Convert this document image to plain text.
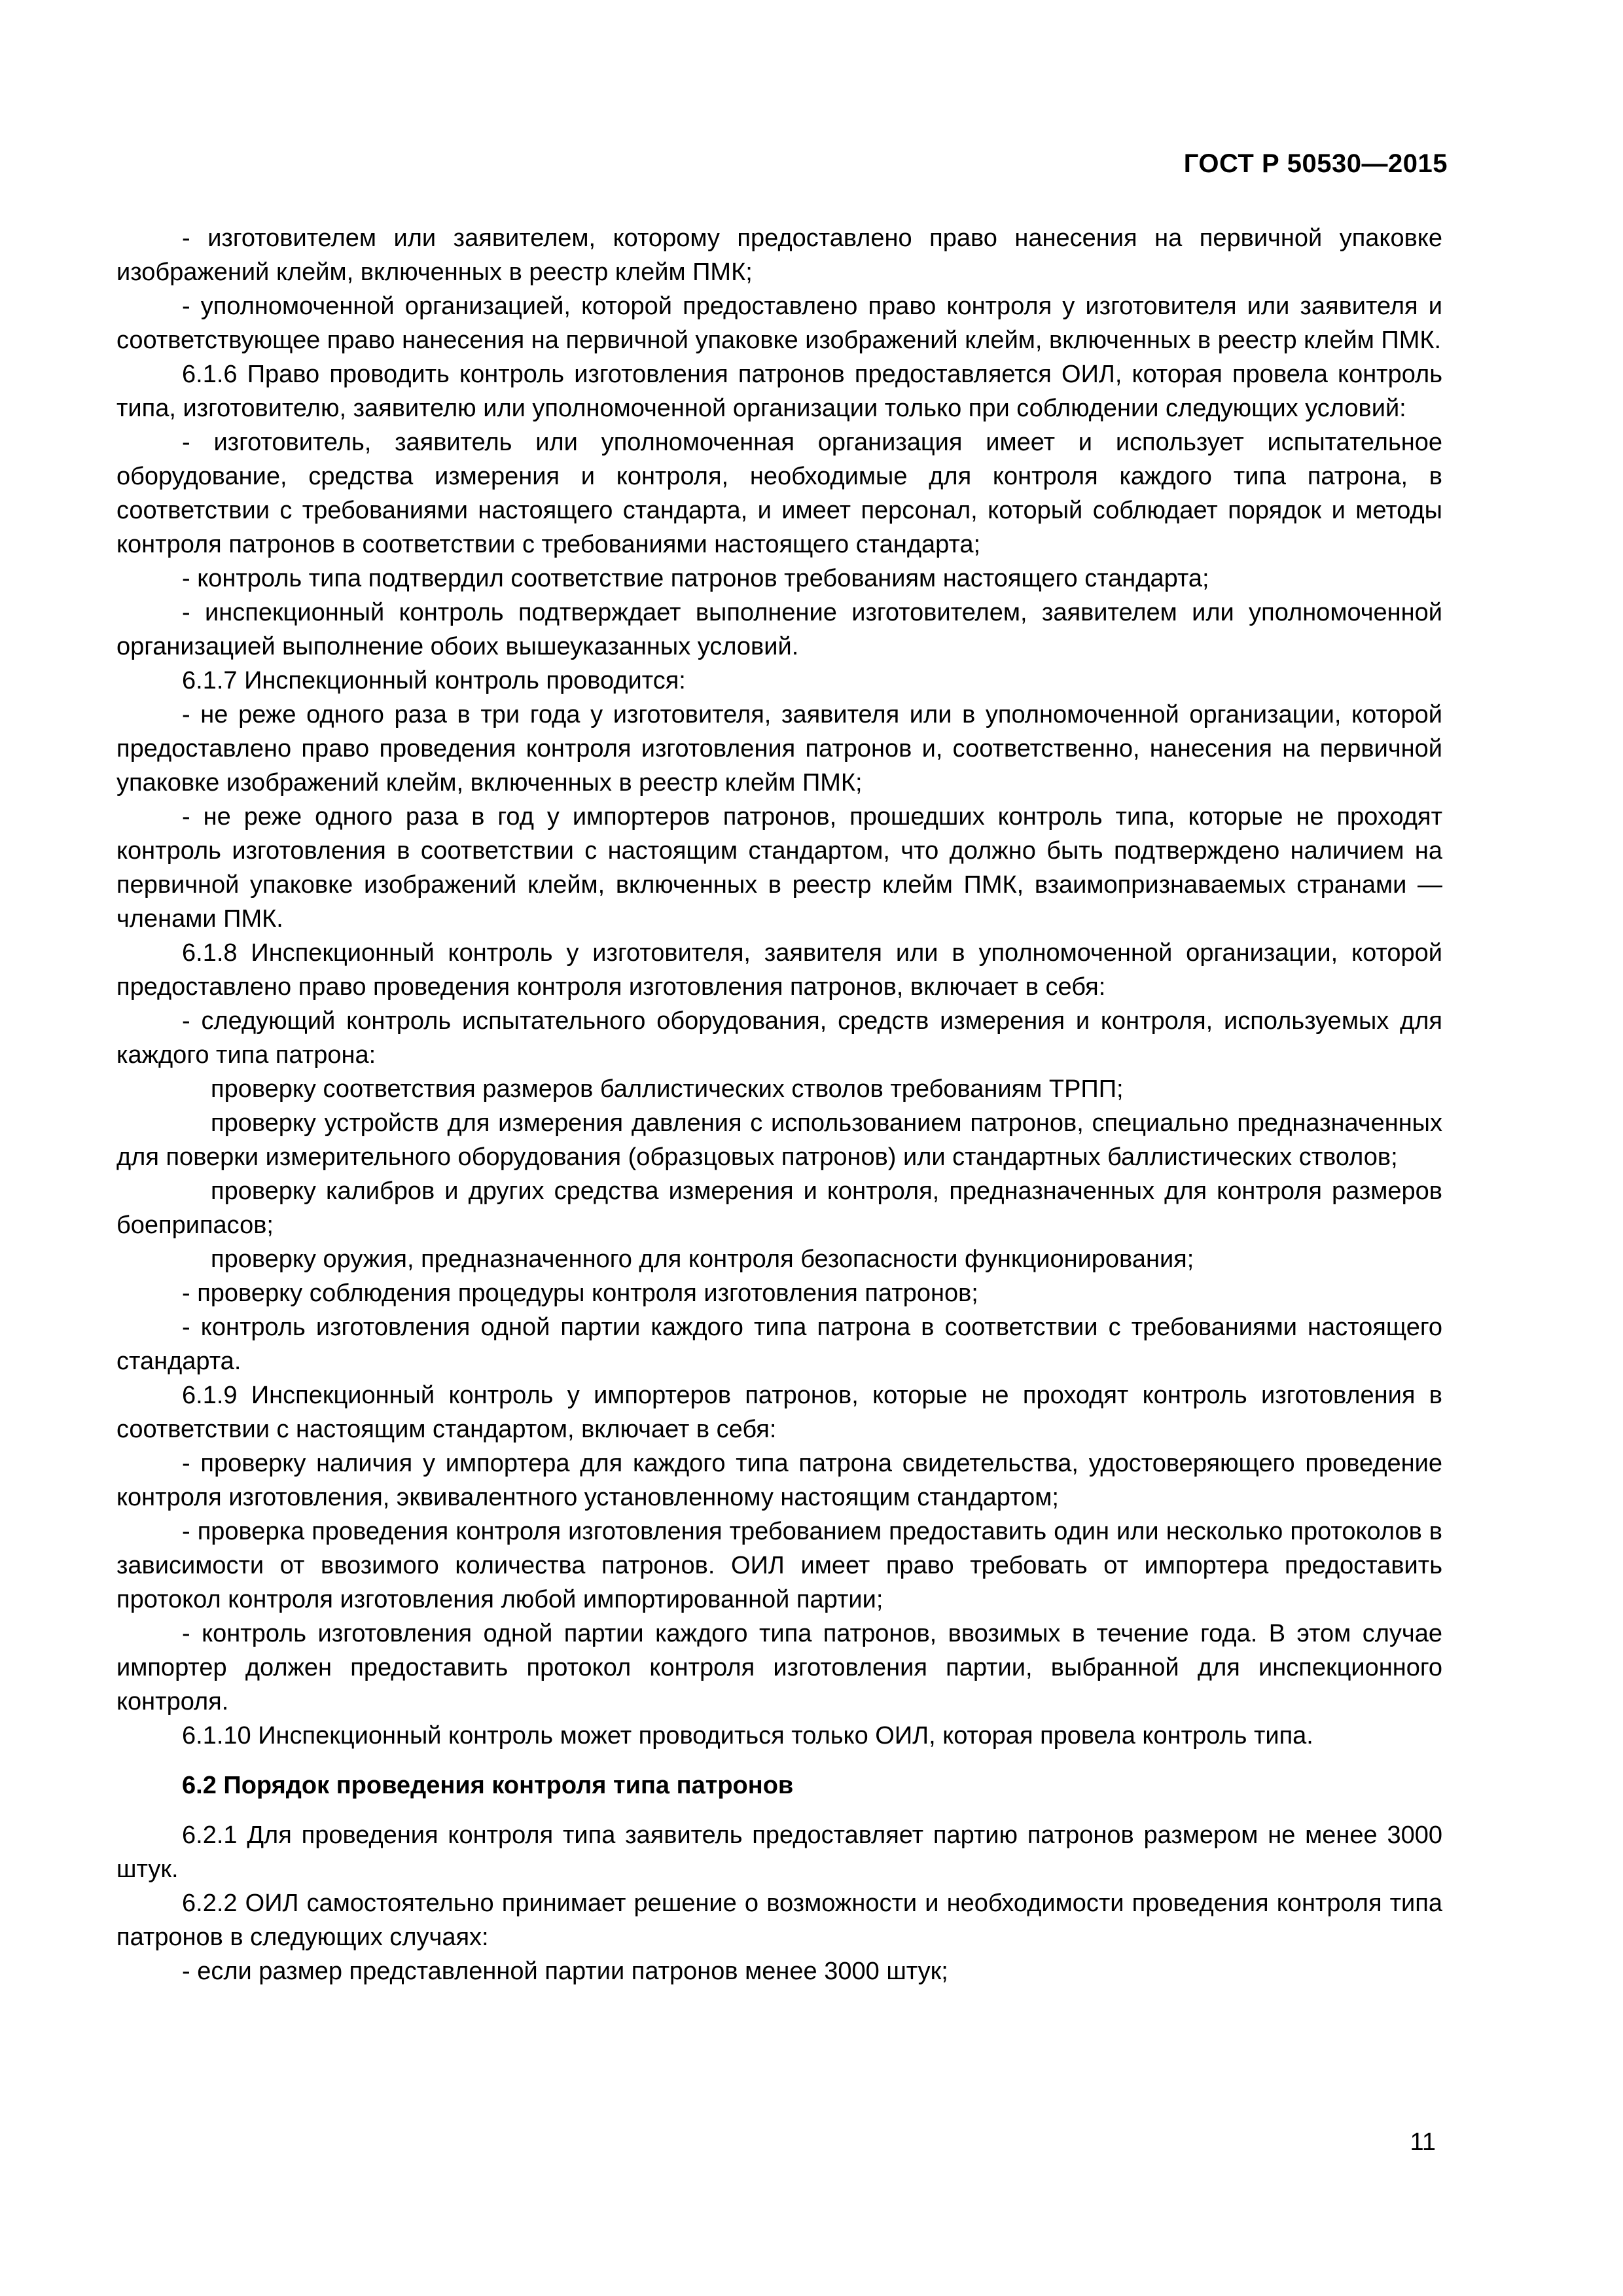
ГОСТ Р 50530—2015

- изготовителем или заявителем, которому предоставлено право нанесения на первичной упаковке изображений клейм, включенных в реестр клейм ПМК;

- уполномоченной организацией, которой предоставлено право контроля у изготовителя или заявителя и соответствующее право нанесения на первичной упаковке изображений клейм, включенных в реестр клейм ПМК.

6.1.6 Право проводить контроль изготовления патронов предоставляется ОИЛ, которая провела контроль типа, изготовителю, заявителю или уполномоченной организации только при соблюдении следующих условий:

- изготовитель, заявитель или уполномоченная организация имеет и использует испытательное оборудование, средства измерения и контроля, необходимые для контроля каждого типа патрона, в соответствии с требованиями настоящего стандарта, и имеет персонал, который соблюдает порядок и методы контроля патронов в соответствии с требованиями настоящего стандарта;

- контроль типа подтвердил соответствие патронов требованиям настоящего стандарта;

- инспекционный контроль подтверждает выполнение изготовителем, заявителем или уполномоченной организацией выполнение обоих вышеуказанных условий.

6.1.7 Инспекционный контроль проводится:

- не реже одного раза в три года у изготовителя, заявителя или в уполномоченной организации, которой предоставлено право проведения контроля изготовления патронов и, соответственно, нанесения на первичной упаковке изображений клейм, включенных в реестр клейм ПМК;

- не реже одного раза в год у импортеров патронов, прошедших контроль типа, которые не проходят контроль изготовления в соответствии с настоящим стандартом, что должно быть подтверждено наличием на первичной упаковке изображений клейм, включенных в реестр клейм ПМК, взаимопризнаваемых странами — членами ПМК.

6.1.8 Инспекционный контроль у изготовителя, заявителя или в уполномоченной организации, которой предоставлено право проведения контроля изготовления патронов, включает в себя:

- следующий контроль испытательного оборудования, средств измерения и контроля, используемых для каждого типа патрона:

проверку соответствия размеров баллистических стволов требованиям ТРПП;

проверку устройств для измерения давления с использованием патронов, специально предназначенных для поверки измерительного оборудования (образцовых патронов) или стандартных баллистических стволов;

проверку калибров и других средства измерения и контроля, предназначенных для контроля размеров боеприпасов;

проверку оружия, предназначенного для контроля безопасности функционирования;

- проверку соблюдения процедуры контроля изготовления патронов;

- контроль изготовления одной партии каждого типа патрона в соответствии с требованиями настоящего стандарта.

6.1.9 Инспекционный контроль у импортеров патронов, которые не проходят контроль изготовления в соответствии с настоящим стандартом, включает в себя:

- проверку наличия у импортера для каждого типа патрона свидетельства, удостоверяющего проведение контроля изготовления, эквивалентного установленному настоящим стандартом;

- проверка проведения контроля изготовления требованием предоставить один или несколько протоколов в зависимости от ввозимого количества патронов. ОИЛ имеет право требовать от импортера предоставить протокол контроля изготовления любой импортированной партии;

- контроль изготовления одной партии каждого типа патронов, ввозимых в течение года. В этом случае импортер должен предоставить протокол контроля изготовления партии, выбранной для инспекционного контроля.

6.1.10 Инспекционный контроль может проводиться только ОИЛ, которая провела контроль типа.

6.2 Порядок проведения контроля типа патронов

6.2.1 Для проведения контроля типа заявитель предоставляет партию патронов размером не менее 3000 штук.

6.2.2 ОИЛ самостоятельно принимает решение о возможности и необходимости проведения контроля типа патронов в следующих случаях:

- если размер представленной партии патронов менее 3000 штук;

11
